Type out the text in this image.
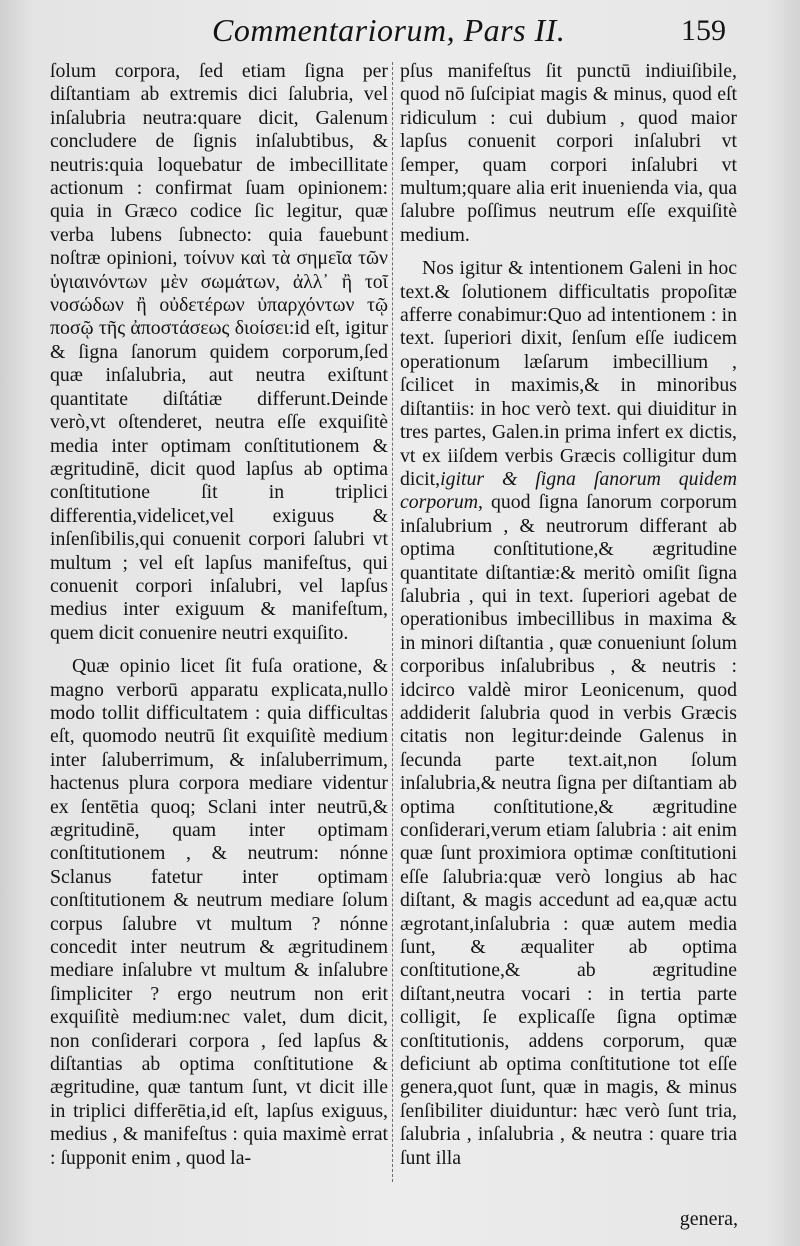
Commentariorum, Pars II.	159

ſolum corpora, ſed etiam ſigna per diſtantiam ab extremis dici ſalubria, vel inſalubria neutra:quare dicit, Galenum concludere de ſignis inſalubtibus, & neutris:quia loquebatur de imbecillitate actionum : confirmat ſuam opinionem: quia in Græco codice ſic legitur, quæ verba lubens ſubnecto: quia fauebunt noſtræ opinioni, τοίνυν καὶ τὰ σημεῖα τῶν ὑγιαινόντων μὲν σωμάτων, ἀλλ᾽ ἢ τοῖ νοσώδων ἢ οὐδετέρων ὑπαρχόντων τῷ ποσῷ τῆς ἀποστάσεως διοίσει:id eſt, igitur & ſigna ſanorum quidem corporum,ſed quæ inſalubria, aut neutra exiſtunt quantitate diſtátiæ differunt.Deinde verò,vt oſtenderet, neutra eſſe exquiſitè media inter optimam conſtitutionem & ægritudinē, dicit quod lapſus ab optima conſtitutione ſit in triplici differentia,videlicet,vel exiguus & inſenſibilis,qui conuenit corpori ſalubri vt multum ; vel eſt lapſus manifeſtus, qui conuenit corpori inſalubri, vel lapſus medius inter exiguum & manifeſtum, quem dicit conuenire neutri exquiſito.

Quæ opinio licet ſit fuſa oratione, & magno verborū apparatu explicata,nullo modo tollit difficultatem : quia difficultas eſt, quomodo neutrū ſit exquiſitè medium inter ſaluberrimum, & inſaluberrimum, hactenus plura corpora mediare videntur ex ſentētia quoq; Sclani inter neutrū,& ægritudinē, quam inter optimam conſtitutionem , & neutrum: nónne Sclanus fatetur inter optimam conſtitutionem & neutrum mediare ſolum corpus ſalubre vt multum ? nónne concedit inter neutrum & ægritudinem mediare inſalubre vt multum & inſalubre ſimpliciter ? ergo neutrum non erit exquiſitè medium:nec valet, dum dicit, non conſiderari corpora , ſed lapſus & diſtantias ab optima conſtitutione & ægritudine, quæ tantum ſunt, vt dicit ille in triplici differētia,id eſt, lapſus exiguus, medius , & manifeſtus : quia maximè errat : ſupponit enim , quod la-

pſus manifeſtus ſit punctū indiuiſibile, quod nō ſuſcipiat magis & minus, quod eſt ridiculum : cui dubium , quod maior lapſus conuenit corpori inſalubri vt ſemper, quam corpori inſalubri vt multum;quare alia erit inuenienda via, qua ſalubre poſſimus neutrum eſſe exquiſitè medium.

Nos igitur & intentionem Galeni in hoc text.& ſolutionem difficultatis propoſitæ afferre conabimur:Quo ad intentionem : in text. ſuperiori dixit, ſenſum eſſe iudicem operationum læſarum imbecillium , ſcilicet in maximis,& in minoribus diſtantiis: in hoc verò text. qui diuiditur in tres partes, Galen.in prima infert ex dictis, vt ex iiſdem verbis Græcis colligitur dum dicit,igitur & ſigna ſanorum quidem corporum, quod ſigna ſanorum corporum inſalubrium , & neutrorum differant ab optima conſtitutione,& ægritudine quantitate diſtantiæ:& meritò omiſit ſigna ſalubria , qui in text. ſuperiori agebat de operationibus imbecillibus in maxima & in minori diſtantia , quæ conueniunt ſolum corporibus inſalubribus , & neutris : idcirco valdè miror Leonicenum, quod addiderit ſalubria quod in verbis Græcis citatis non legitur:deinde Galenus in ſecunda parte text.ait,non ſolum inſalubria,& neutra ſigna per diſtantiam ab optima conſtitutione,& ægritudine conſiderari,verum etiam ſalubria : ait enim quæ ſunt proximiora optimæ conſtitutioni eſſe ſalubria:quæ verò longius ab hac diſtant, & magis accedunt ad ea,quæ actu ægrotant,inſalubria : quæ autem media ſunt, & æqualiter ab optima conſtitutione,& ab ægritudine diſtant,neutra vocari : in tertia parte colligit, ſe explicaſſe ſigna optimæ conſtitutionis, addens corporum, quæ deficiunt ab optima conſtitutione tot eſſe genera,quot ſunt, quæ in magis, & minus ſenſibiliter diuiduntur: hæc verò ſunt tria, ſalubria , inſalubria , & neutra : quare tria ſunt illa

genera,
